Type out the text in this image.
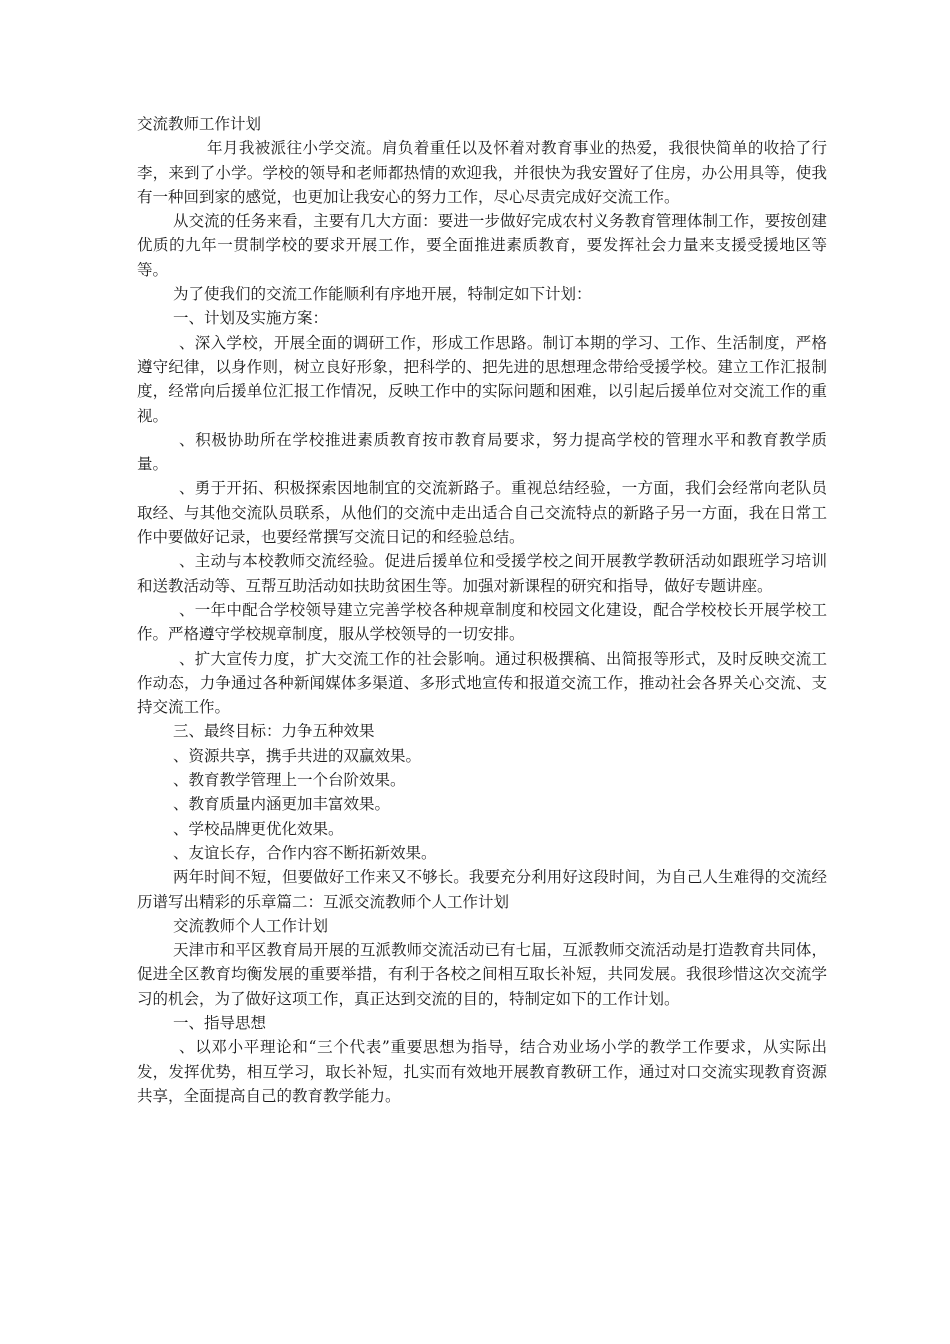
交流教师工作计划

年月我被派往小学交流。肩负着重任以及怀着对教育事业的热爱，我很快简单的收拾了行李，来到了小学。学校的领导和老师都热情的欢迎我，并很快为我安置好了住房，办公用具等，使我有一种回到家的感觉，也更加让我安心的努力工作，尽心尽责完成好交流工作。

从交流的任务来看，主要有几大方面：要进一步做好完成农村义务教育管理体制工作，要按创建优质的九年一贯制学校的要求开展工作，要全面推进素质教育，要发挥社会力量来支援受援地区等等。

为了使我们的交流工作能顺利有序地开展，特制定如下计划：

一、计划及实施方案：

、深入学校，开展全面的调研工作，形成工作思路。制订本期的学习、工作、生活制度，严格遵守纪律，以身作则，树立良好形象，把科学的、把先进的思想理念带给受援学校。建立工作汇报制度，经常向后援单位汇报工作情况，反映工作中的实际问题和困难，以引起后援单位对交流工作的重视。

、积极协助所在学校推进素质教育按市教育局要求，努力提高学校的管理水平和教育教学质量。

、勇于开拓、积极探索因地制宜的交流新路子。重视总结经验，一方面，我们会经常向老队员取经、与其他交流队员联系，从他们的交流中走出适合自己交流特点的新路子另一方面，我在日常工作中要做好记录，也要经常撰写交流日记的和经验总结。

、主动与本校教师交流经验。促进后援单位和受援学校之间开展教学教研活动如跟班学习培训和送教活动等、互帮互助活动如扶助贫困生等。加强对新课程的研究和指导，做好专题讲座。

、一年中配合学校领导建立完善学校各种规章制度和校园文化建设，配合学校校长开展学校工作。严格遵守学校规章制度，服从学校领导的一切安排。

、扩大宣传力度，扩大交流工作的社会影响。通过积极撰稿、出简报等形式，及时反映交流工作动态，力争通过各种新闻媒体多渠道、多形式地宣传和报道交流工作，推动社会各界关心交流、支持交流工作。

三、最终目标：力争五种效果

、资源共享，携手共进的双赢效果。

、教育教学管理上一个台阶效果。

、教育质量内涵更加丰富效果。

、学校品牌更优化效果。

、友谊长存，合作内容不断拓新效果。

两年时间不短，但要做好工作来又不够长。我要充分利用好这段时间，为自己人生难得的交流经历谱写出精彩的乐章篇二：互派交流教师个人工作计划

交流教师个人工作计划

天津市和平区教育局开展的互派教师交流活动已有七届，互派教师交流活动是打造教育共同体，促进全区教育均衡发展的重要举措，有利于各校之间相互取长补短，共同发展。我很珍惜这次交流学习的机会，为了做好这项工作，真正达到交流的目的，特制定如下的工作计划。

一、指导思想

、以邓小平理论和“三个代表”重要思想为指导，结合劝业场小学的教学工作要求，从实际出发，发挥优势，相互学习，取长补短，扎实而有效地开展教育教研工作，通过对口交流实现教育资源共享，全面提高自己的教育教学能力。
